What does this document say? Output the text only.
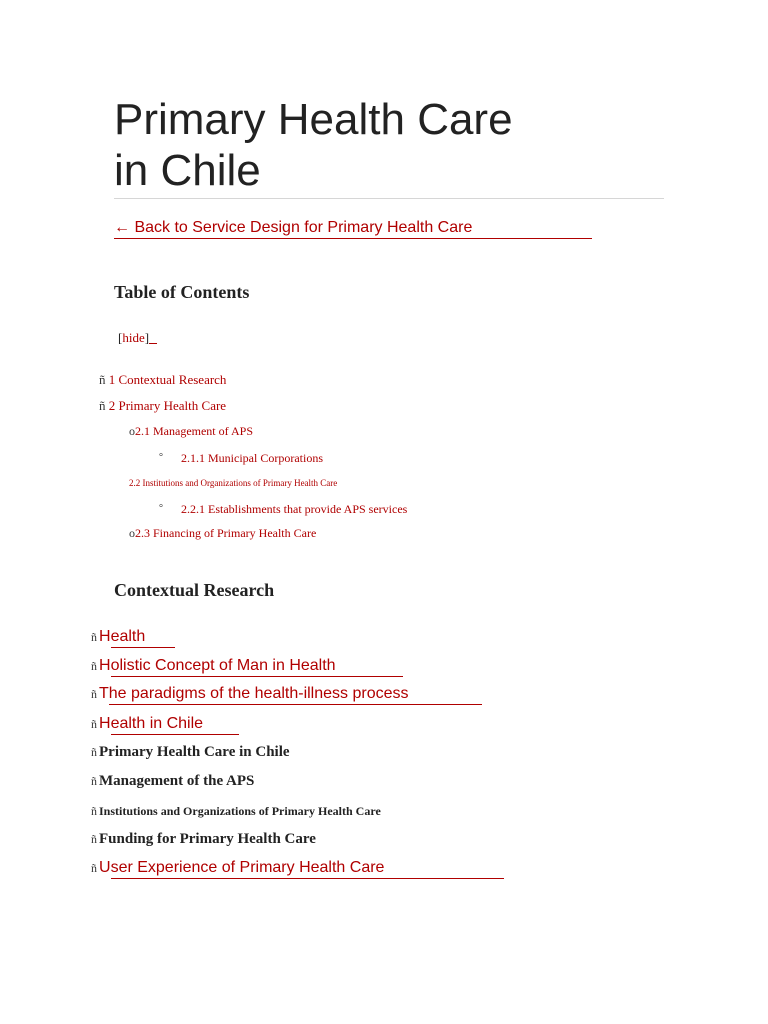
Primary Health Care
in Chile
← Back to Service Design for Primary Health Care
Table of Contents
[hide]
ñ 1 Contextual Research
ñ 2 Primary Health Care
o2.1 Management of APS
° 2.1.1 Municipal Corporations
2.2 Institutions and Organizations of Primary Health Care
° 2.2.1 Establishments that provide APS services
o2.3 Financing of Primary Health Care
Contextual Research
ñ Health
ñ Holistic Concept of Man in Health
ñ The paradigms of the health-illness process
ñ Health in Chile
ñ Primary Health Care in Chile
ñ Management of the APS
ñ Institutions and Organizations of Primary Health Care
ñ Funding for Primary Health Care
ñ User Experience of Primary Health Care
